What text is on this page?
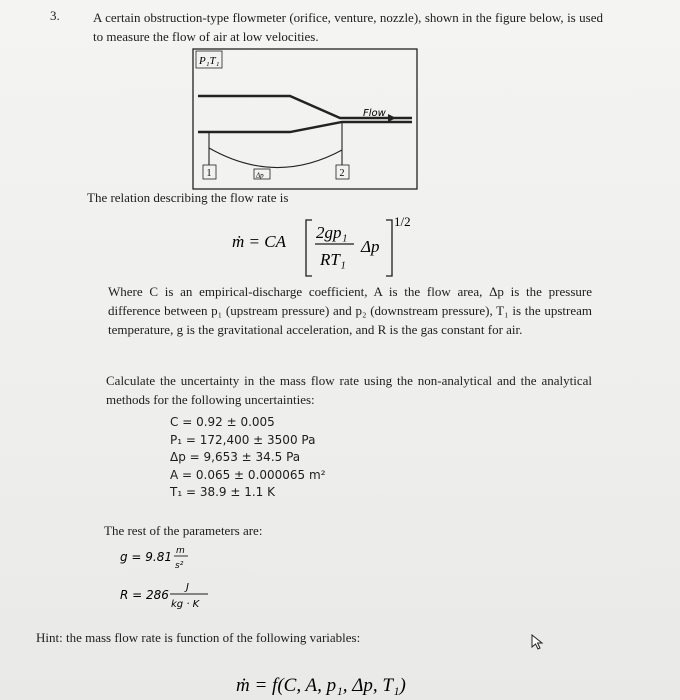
3.	A certain obstruction-type flowmeter (orifice, venture, nozzle), shown in the figure below, is used to measure the flow of air at low velocities.

P₁T₁
Flow
1	Δp	2

The relation describing the flow rate is

ṁ = CA 2gp₁
RT₁
Δp
1/2

Where C is an empirical-discharge coefficient, A is the flow area, Δp is the pressure difference between p₁ (upstream pressure) and p₂ (downstream pressure), T₁ is the upstream temperature, g is the gravitational acceleration, and R is the gas constant for air.

Calculate the uncertainty in the mass flow rate using the non-analytical and the analytical methods for the following uncertainties:

C = 0.92 ± 0.005
P₁ = 172,400 ± 3500 Pa
Δp = 9,653 ± 34.5 Pa
A = 0.065 ± 0.000065 m²
T₁ = 38.9 ± 1.1 K

The rest of the parameters are:

g = 9.81 m
s²
R = 286
J
kg · K

Hint: the mass flow rate is function of the following variables:

ṁ = f(C, A, p₁, Δp, T₁)
